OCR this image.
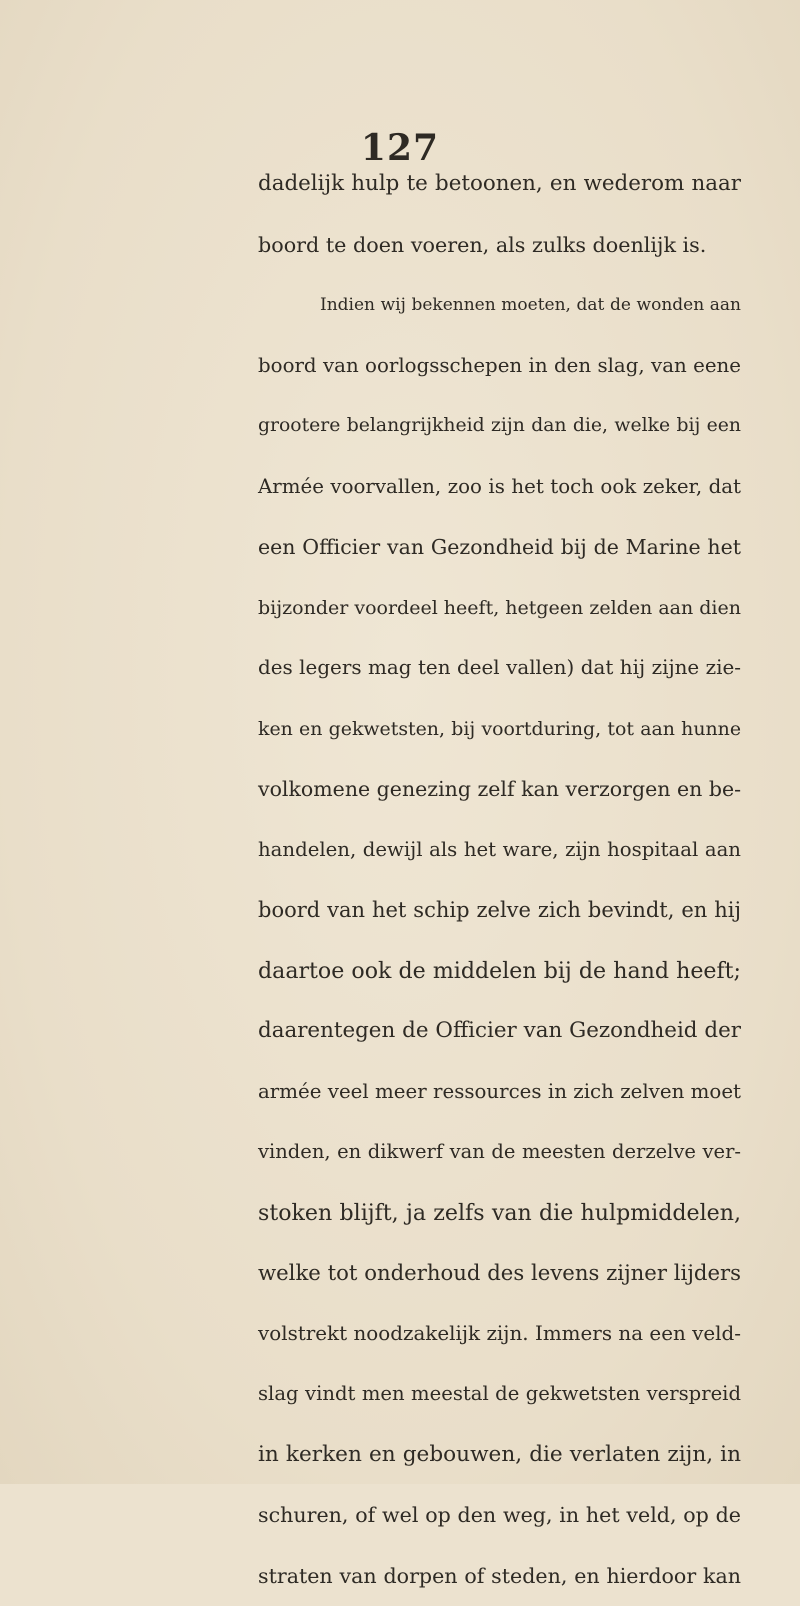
127
dadelijk hulp te betoonen, en wederom naar
boord te doen voeren, als zulks doenlijk is.
Indien wij bekennen moeten, dat de wonden aan
boord van oorlogsschepen in den slag, van eene
grootere belangrijkheid zijn dan die, welke bij een
Armée voorvallen, zoo is het toch ook zeker, dat
een Officier van Gezondheid bij de Marine het
bijzonder voordeel heeft, hetgeen zelden aan dien
des legers mag ten deel vallen) dat hij zijne zie-
ken en gekwetsten, bij voortduring, tot aan hunne
volkomene genezing zelf kan verzorgen en be-
handelen, dewijl als het ware, zijn hospitaal aan
boord van het schip zelve zich bevindt, en hij
daartoe ook de middelen bij de hand heeft;
daarentegen de Officier van Gezondheid der
armée veel meer ressources in zich zelven moet
vinden, en dikwerf van de meesten derzelve ver-
stoken blijft, ja zelfs van die hulpmiddelen,
welke tot onderhoud des levens zijner lijders
volstrekt noodzakelijk zijn. Immers na een veld-
slag vindt men meestal de gekwetsten verspreid
in kerken en gebouwen, die verlaten zijn, in
schuren, of wel op den weg, in het veld, op de
straten van dorpen of steden, en hierdoor kan
